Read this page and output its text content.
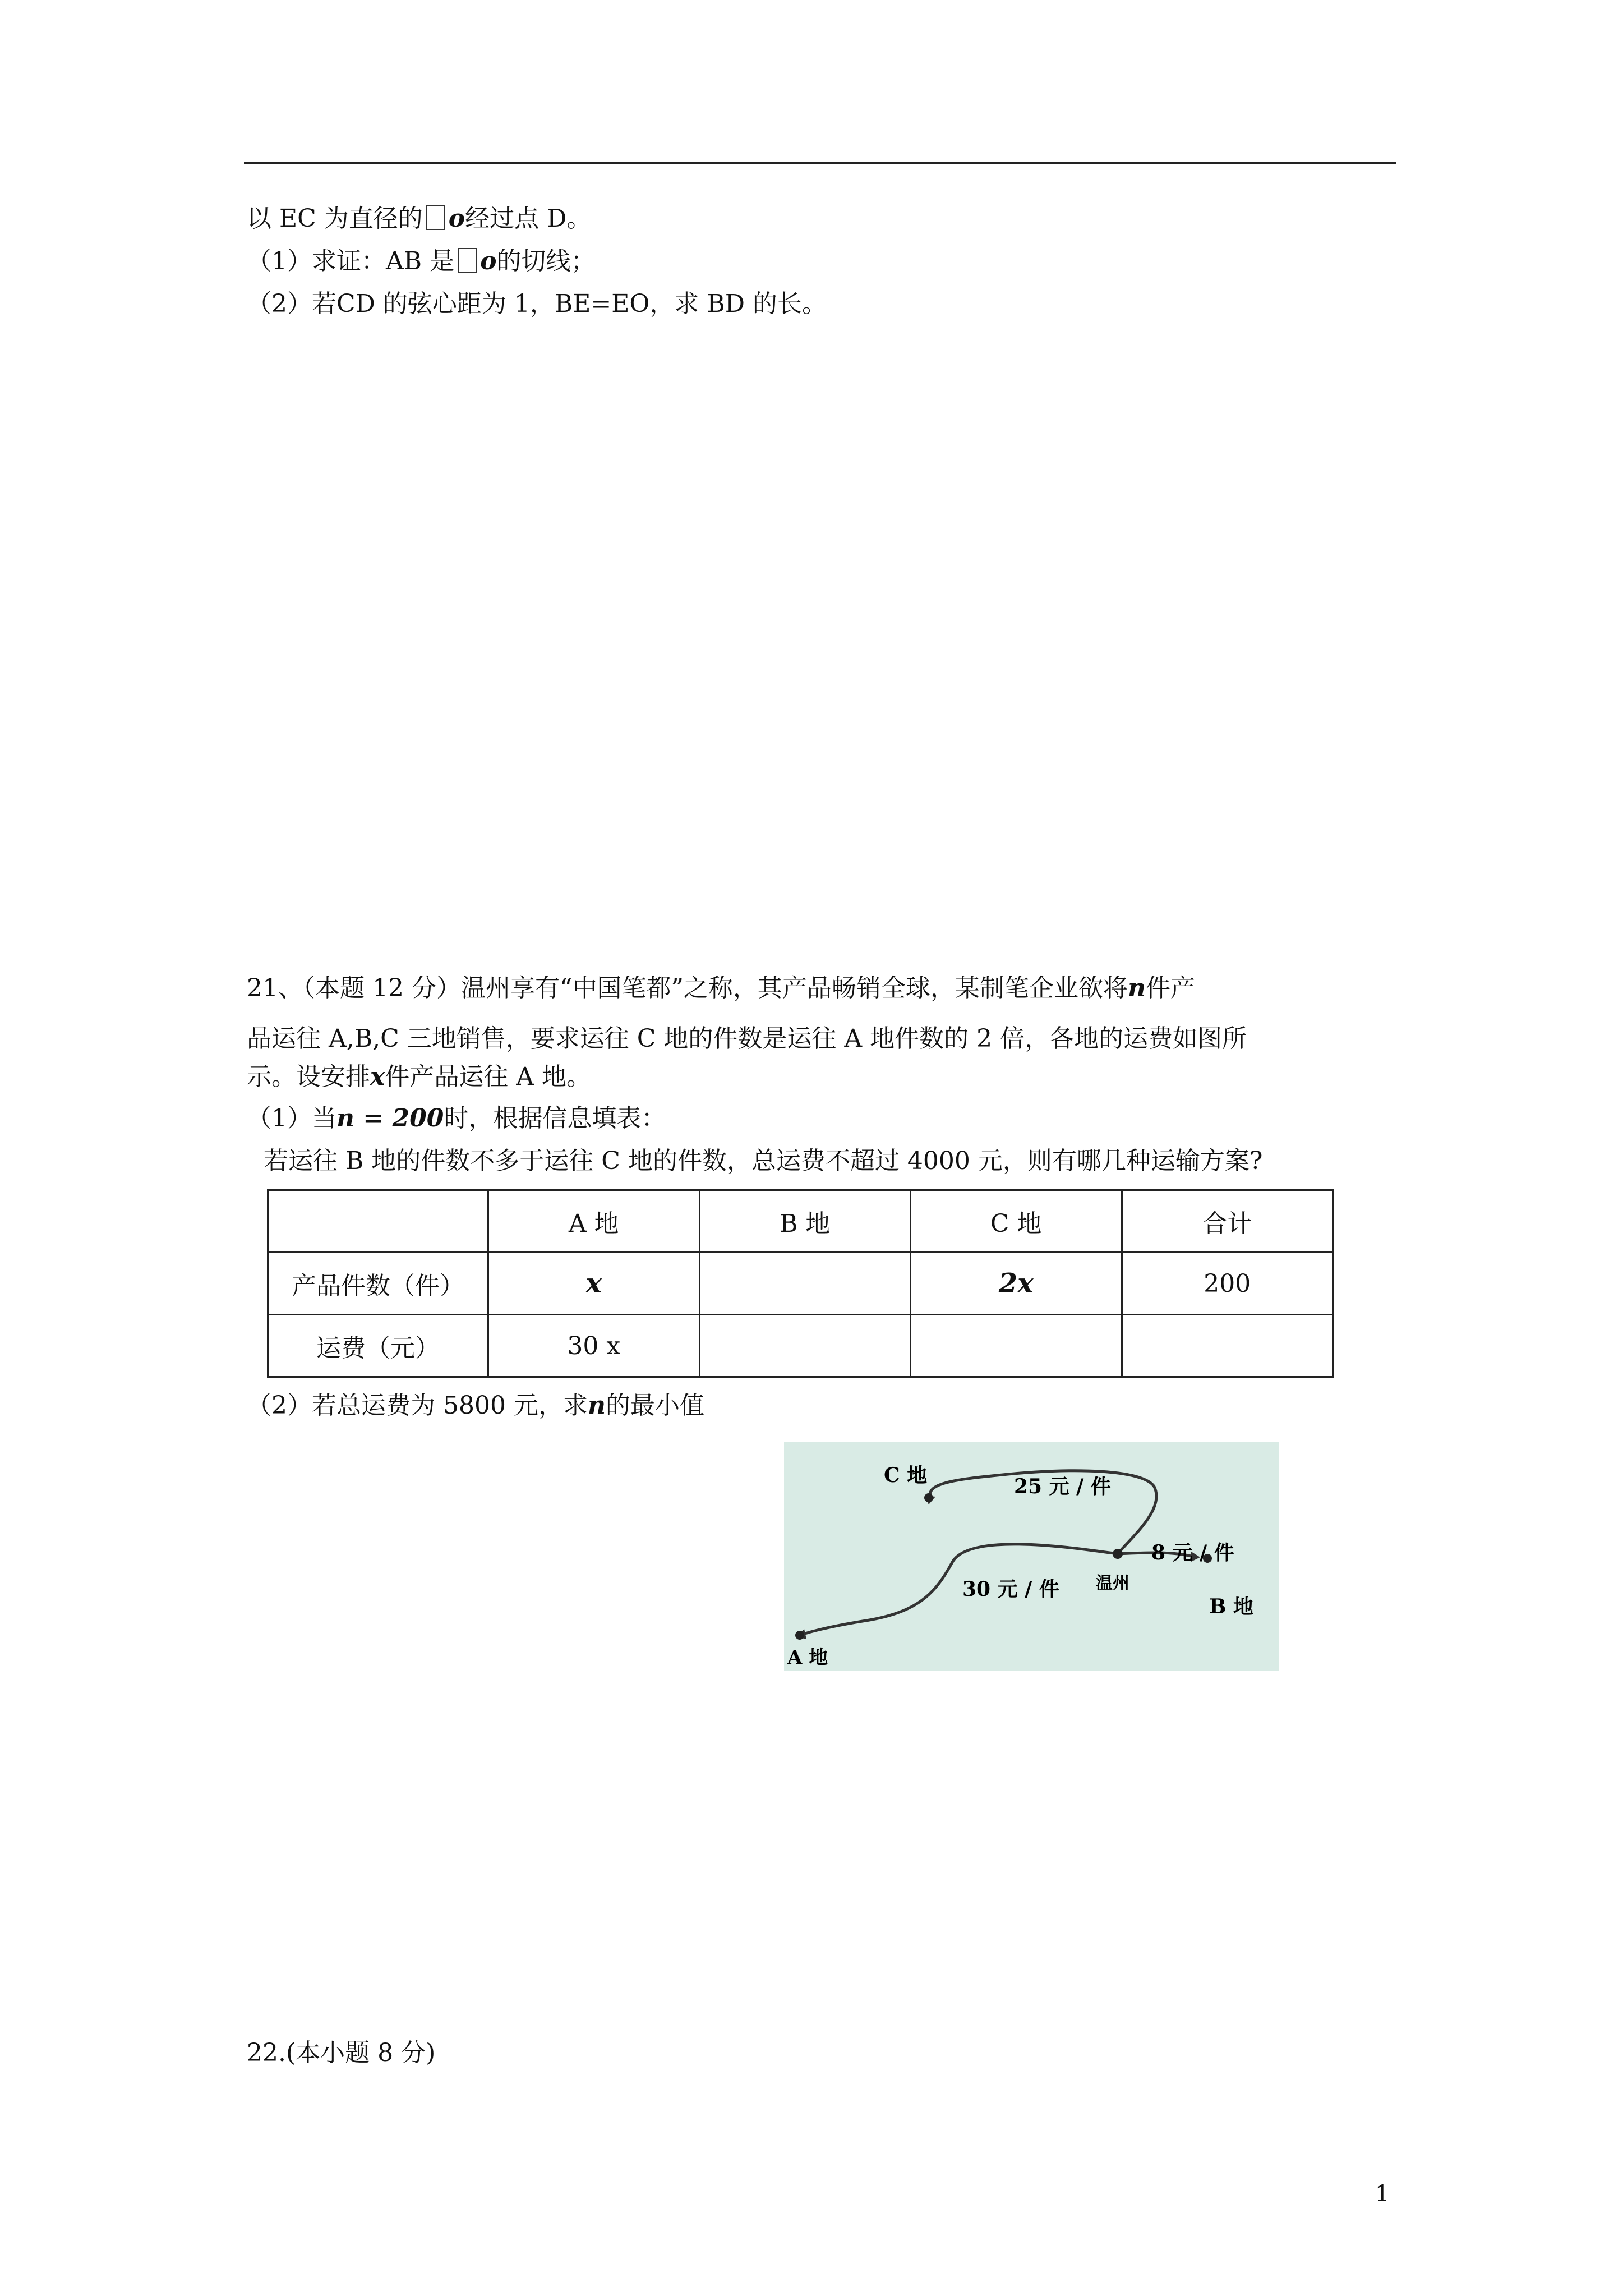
以 EC 为直径的 o经过点 D。
（1）求证：AB 是 o的切线；
（2）若CD 的弦心距为 1，BE=EO，求 BD 的长。
21、（本题 12 分）温州享有“中国笔都”之称，其产品畅销全球，某制笔企业欲将n件产
品运往 A,B,C 三地销售，要求运往 C 地的件数是运往 A 地件数的 2 倍，各地的运费如图所
示。设安排x件产品运往 A 地。
（1）当n = 200时，根据信息填表：
若运往 B 地的件数不多于运往 C 地的件数，总运费不超过 4000 元，则有哪几种运输方案?
	A 地	B 地	C 地	合计
产品件数（件）	x		2x	200
运费（元）	30 x			
（2）若总运费为 5800 元，求n的最小值
C 地	25 元 / 件
8 元 / 件
30 元 / 件 温州
B 地
A 地
22.(本小题 8 分)
1
